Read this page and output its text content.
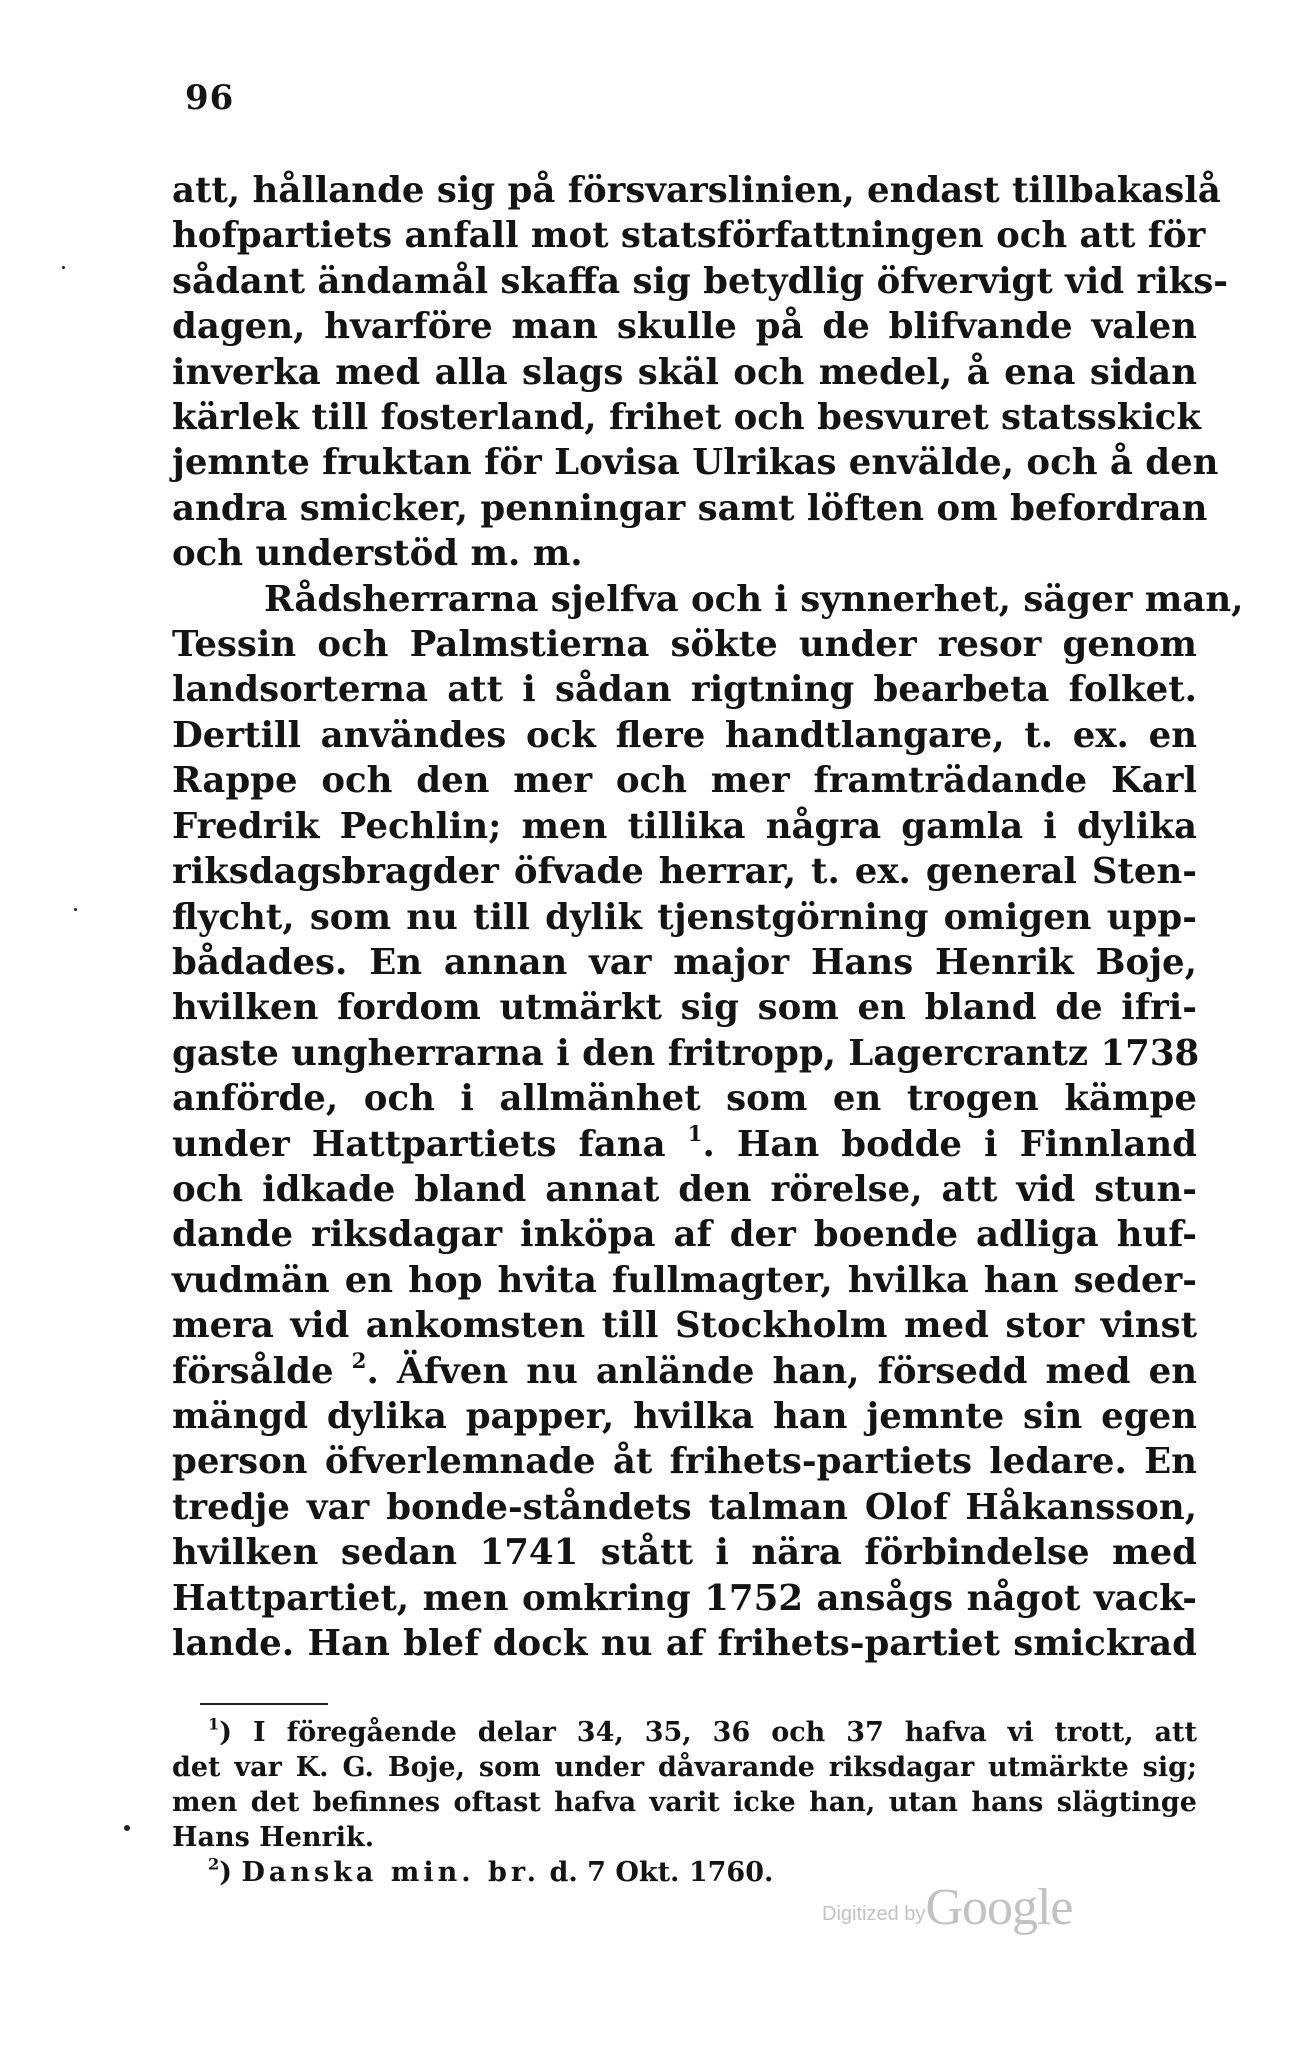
96
att, hållande sig på försvarslinien, endast tillbakaslå
hofpartiets anfall mot statsförfattningen och att för
sådant ändamål skaffa sig betydlig öfvervigt vid riks-
dagen, hvarföre man skulle på de blifvande valen
inverka med alla slags skäl och medel, å ena sidan
kärlek till fosterland, frihet och besvuret statsskick
jemnte fruktan för Lovisa Ulrikas envälde, och å den
andra smicker, penningar samt löften om befordran
och understöd m. m.
Rådsherrarna sjelfva och i synnerhet, säger man,
Tessin och Palmstierna sökte under resor genom
landsorterna att i sådan rigtning bearbeta folket.
Dertill användes ock flere handtlangare, t. ex. en
Rappe och den mer och mer framträdande Karl
Fredrik Pechlin; men tillika några gamla i dylika
riksdagsbragder öfvade herrar, t. ex. general Sten-
flycht, som nu till dylik tjenstgörning omigen upp-
bådades. En annan var major Hans Henrik Boje,
hvilken fordom utmärkt sig som en bland de ifri-
gaste ungherrarna i den fritropp, Lagercrantz 1738
anförde, och i allmänhet som en trogen kämpe
under Hattpartiets fana $^1$. Han bodde i Finnland
och idkade bland annat den rörelse, att vid stun-
dande riksdagar inköpa af der boende adliga huf-
vudmän en hop hvita fullmagter, hvilka han seder-
mera vid ankomsten till Stockholm med stor vinst
försålde $^2$. Äfven nu anlände han, försedd med en
mängd dylika papper, hvilka han jemnte sin egen
person öfverlemnade åt frihets-partiets ledare. En
tredje var bonde-ståndets talman Olof Håkansson,
hvilken sedan 1741 stått i nära förbindelse med
Hattpartiet, men omkring 1752 ansågs något vack-
lande. Han blef dock nu af frihets-partiet smickrad
$^1$) I föregående delar 34, 35, 36 och 37 hafva vi trott, att
det var K. G. Boje, som under dåvarande riksdagar utmärkte sig;
men det befinnes oftast hafva varit icke han, utan hans slägtinge
Hans Henrik.
$^2$) Danska min. br. d. 7 Okt. 1760.
Digitized byGoogle
